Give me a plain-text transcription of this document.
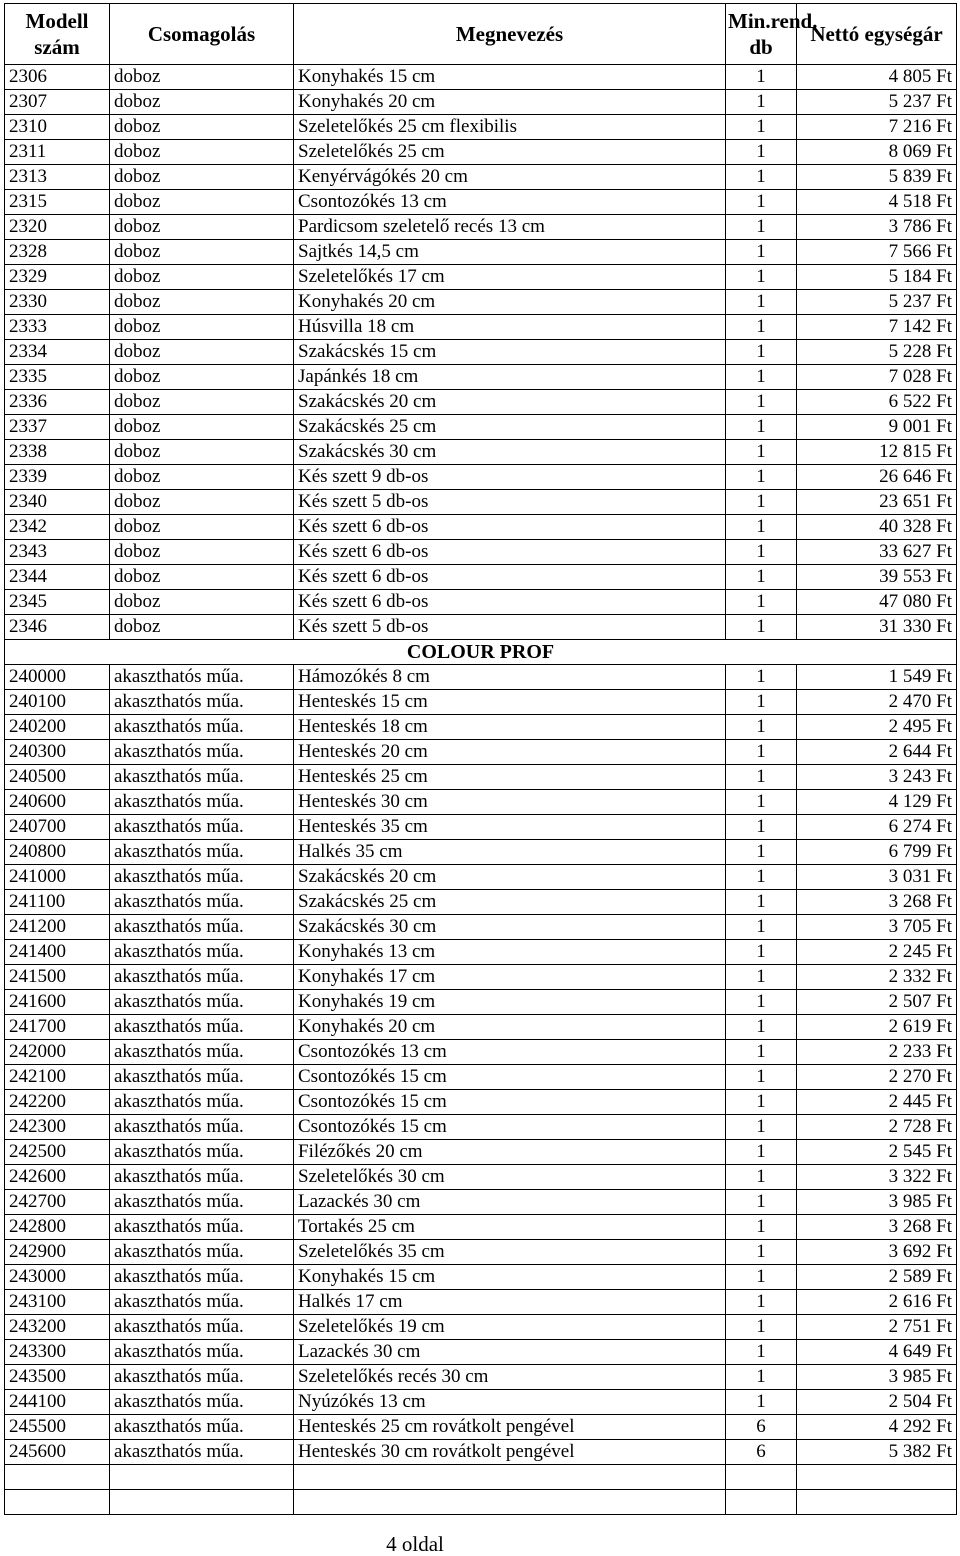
Modell szám	Csomagolás	Megnevezés	Min.rend. db	Nettó egységár
2306	doboz	Konyhakés 15 cm	1	4 805 Ft
2307	doboz	Konyhakés 20 cm	1	5 237 Ft
2310	doboz	Szeletelőkés 25 cm flexibilis	1	7 216 Ft
2311	doboz	Szeletelőkés 25 cm	1	8 069 Ft
2313	doboz	Kenyérvágókés 20 cm	1	5 839 Ft
2315	doboz	Csontozókés 13 cm	1	4 518 Ft
2320	doboz	Pardicsom szeletelő recés 13 cm	1	3 786 Ft
2328	doboz	Sajtkés 14,5 cm	1	7 566 Ft
2329	doboz	Szeletelőkés 17 cm	1	5 184 Ft
2330	doboz	Konyhakés 20 cm	1	5 237 Ft
2333	doboz	Húsvilla 18 cm	1	7 142 Ft
2334	doboz	Szakácskés 15 cm	1	5 228 Ft
2335	doboz	Japánkés 18 cm	1	7 028 Ft
2336	doboz	Szakácskés 20 cm	1	6 522 Ft
2337	doboz	Szakácskés 25 cm	1	9 001 Ft
2338	doboz	Szakácskés 30 cm	1	12 815 Ft
2339	doboz	Kés szett 9 db-os	1	26 646 Ft
2340	doboz	Kés szett 5 db-os	1	23 651 Ft
2342	doboz	Kés szett 6 db-os	1	40 328 Ft
2343	doboz	Kés szett 6 db-os	1	33 627 Ft
2344	doboz	Kés szett 6 db-os	1	39 553 Ft
2345	doboz	Kés szett 6 db-os	1	47 080 Ft
2346	doboz	Kés szett 5 db-os	1	31 330 Ft
COLOUR PROF				
240000	akaszthatós műa.	Hámozókés 8 cm	1	1 549 Ft
240100	akaszthatós műa.	Henteskés 15 cm	1	2 470 Ft
240200	akaszthatós műa.	Henteskés 18 cm	1	2 495 Ft
240300	akaszthatós műa.	Henteskés 20 cm	1	2 644 Ft
240500	akaszthatós műa.	Henteskés 25 cm	1	3 243 Ft
240600	akaszthatós műa.	Henteskés 30 cm	1	4 129 Ft
240700	akaszthatós műa.	Henteskés 35 cm	1	6 274 Ft
240800	akaszthatós műa.	Halkés 35 cm	1	6 799 Ft
241000	akaszthatós műa.	Szakácskés 20 cm	1	3 031 Ft
241100	akaszthatós műa.	Szakácskés 25 cm	1	3 268 Ft
241200	akaszthatós műa.	Szakácskés 30 cm	1	3 705 Ft
241400	akaszthatós műa.	Konyhakés 13 cm	1	2 245 Ft
241500	akaszthatós műa.	Konyhakés 17 cm	1	2 332 Ft
241600	akaszthatós műa.	Konyhakés 19 cm	1	2 507 Ft
241700	akaszthatós műa.	Konyhakés 20 cm	1	2 619 Ft
242000	akaszthatós műa.	Csontozókés 13 cm	1	2 233 Ft
242100	akaszthatós műa.	Csontozókés 15 cm	1	2 270 Ft
242200	akaszthatós műa.	Csontozókés 15 cm	1	2 445 Ft
242300	akaszthatós műa.	Csontozókés 15 cm	1	2 728 Ft
242500	akaszthatós műa.	Filézőkés 20 cm	1	2 545 Ft
242600	akaszthatós műa.	Szeletelőkés 30 cm	1	3 322 Ft
242700	akaszthatós műa.	Lazackés 30 cm	1	3 985 Ft
242800	akaszthatós műa.	Tortakés 25 cm	1	3 268 Ft
242900	akaszthatós műa.	Szeletelőkés 35 cm	1	3 692 Ft
243000	akaszthatós műa.	Konyhakés 15 cm	1	2 589 Ft
243100	akaszthatós műa.	Halkés 17 cm	1	2 616 Ft
243200	akaszthatós műa.	Szeletelőkés 19 cm	1	2 751 Ft
243300	akaszthatós műa.	Lazackés 30 cm	1	4 649 Ft
243500	akaszthatós műa.	Szeletelőkés recés 30 cm	1	3 985 Ft
244100	akaszthatós műa.	Nyúzókés 13 cm	1	2 504 Ft
245500	akaszthatós műa.	Henteskés 25 cm rovátkolt pengével	6	4 292 Ft
245600	akaszthatós műa.	Henteskés 30 cm rovátkolt pengével	6	5 382 Ft

4 oldal
